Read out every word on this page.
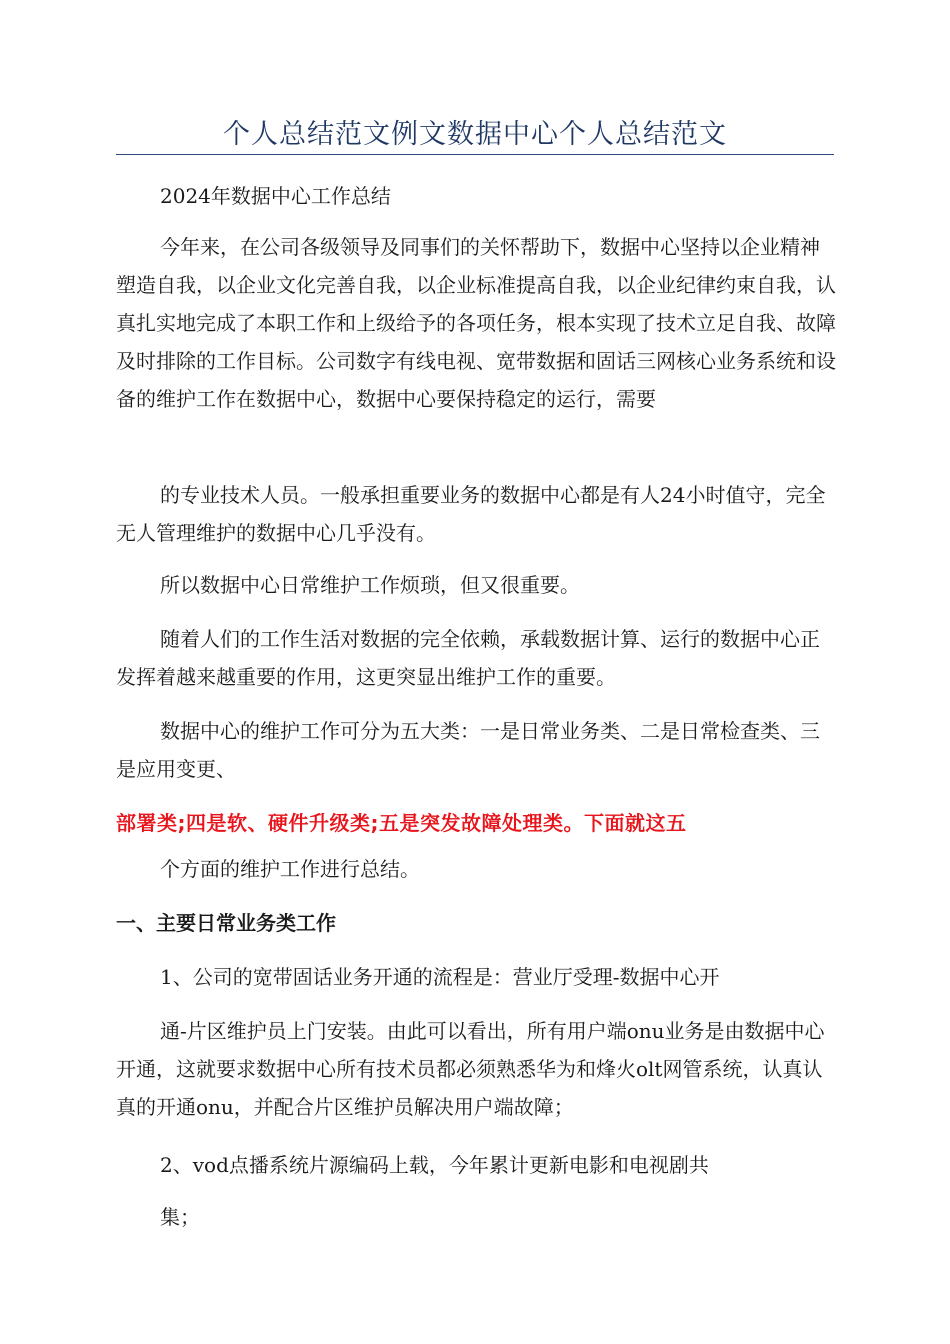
个人总结范文例文数据中心个人总结范文

2024年数据中心工作总结

今年来，在公司各级领导及同事们的关怀帮助下，数据中心坚持以企业精神塑造自我，以企业文化完善自我，以企业标准提高自我，以企业纪律约束自我，认真扎实地完成了本职工作和上级给予的各项任务，根本实现了技术立足自我、故障及时排除的工作目标。公司数字有线电视、宽带数据和固话三网核心业务系统和设备的维护工作在数据中心，数据中心要保持稳定的运行，需要

的专业技术人员。一般承担重要业务的数据中心都是有人24小时值守，完全无人管理维护的数据中心几乎没有。

所以数据中心日常维护工作烦琐，但又很重要。

随着人们的工作生活对数据的完全依赖，承载数据计算、运行的数据中心正发挥着越来越重要的作用，这更突显出维护工作的重要。

数据中心的维护工作可分为五大类：一是日常业务类、二是日常检查类、三是应用变更、

部署类;四是软、硬件升级类;五是突发故障处理类。下面就这五

个方面的维护工作进行总结。

一、主要日常业务类工作

1、公司的宽带固话业务开通的流程是：营业厅受理-数据中心开

通-片区维护员上门安装。由此可以看出，所有用户端onu业务是由数据中心开通，这就要求数据中心所有技术员都必须熟悉华为和烽火olt网管系统，认真认真的开通onu，并配合片区维护员解决用户端故障；

2、vod点播系统片源编码上载，今年累计更新电影和电视剧共

集；
